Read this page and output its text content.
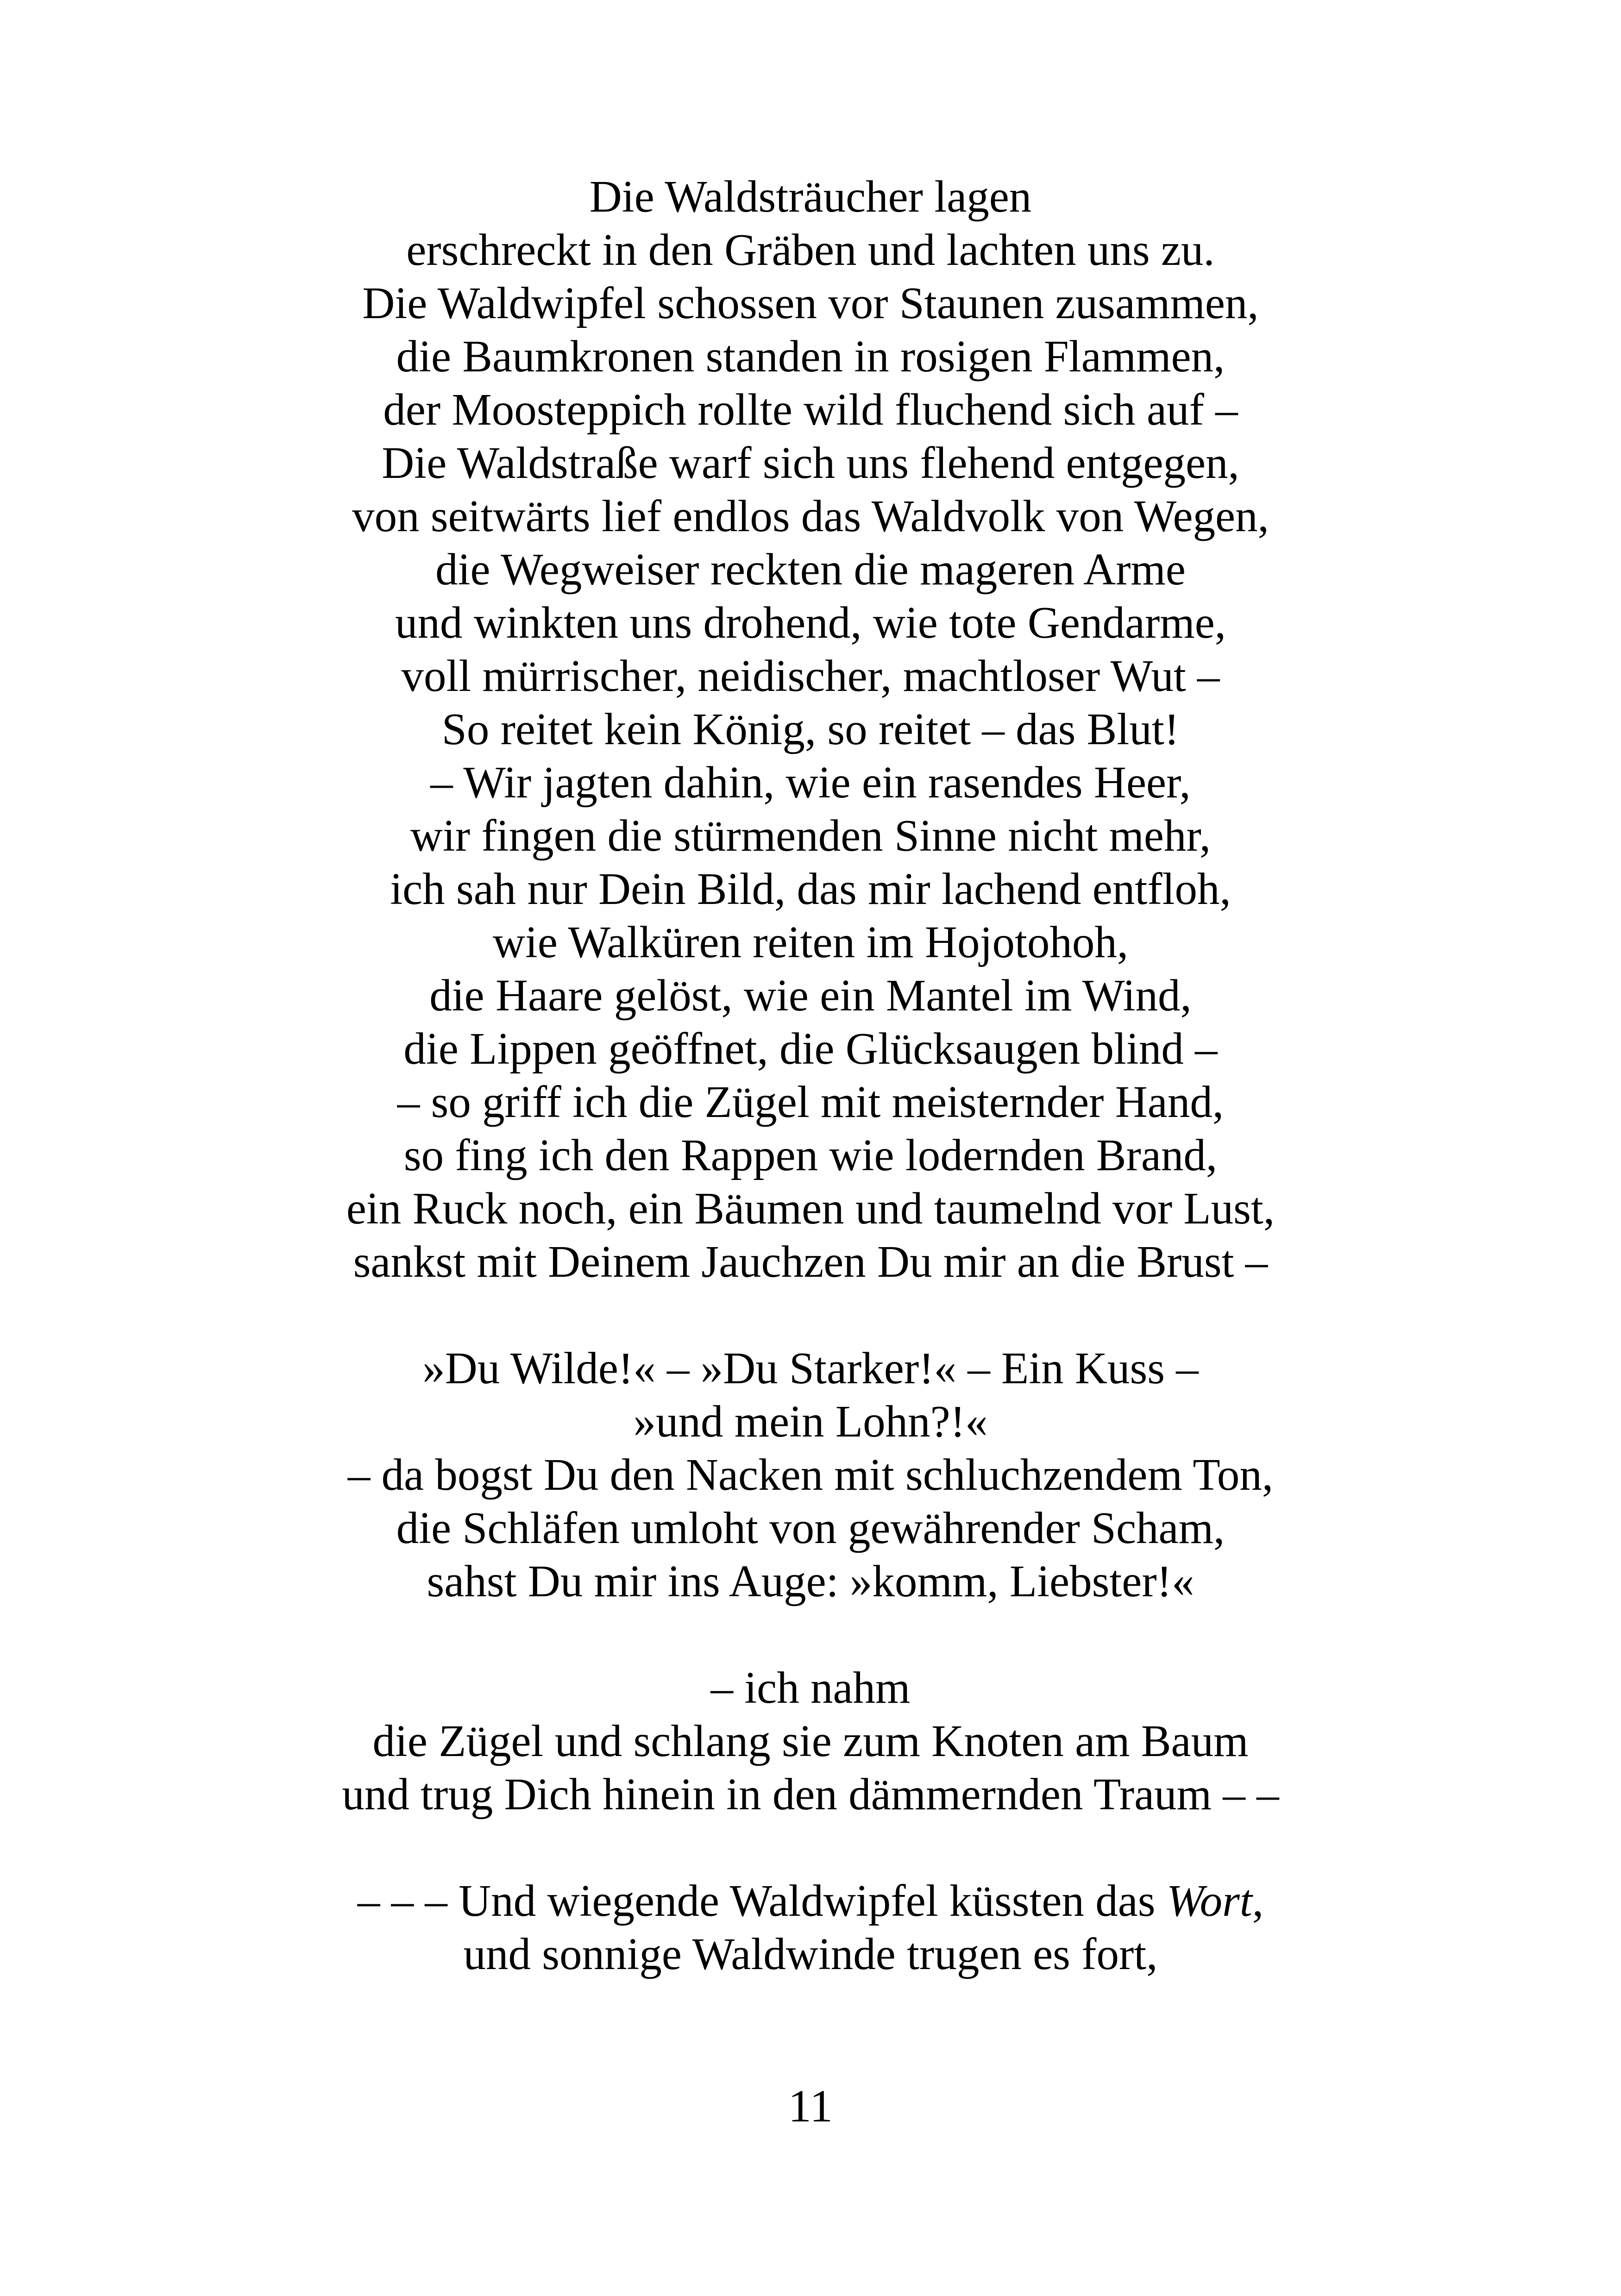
Die Waldsträucher lagen
erschreckt in den Gräben und lachten uns zu.
Die Waldwipfel schossen vor Staunen zusammen,
die Baumkronen standen in rosigen Flammen,
der Moosteppich rollte wild fluchend sich auf –
Die Waldstraße warf sich uns flehend entgegen,
von seitwärts lief endlos das Waldvolk von Wegen,
die Wegweiser reckten die mageren Arme
und winkten uns drohend, wie tote Gendarme,
voll mürrischer, neidischer, machtloser Wut –
So reitet kein König, so reitet – das Blut!
– Wir jagten dahin, wie ein rasendes Heer,
wir fingen die stürmenden Sinne nicht mehr,
ich sah nur Dein Bild, das mir lachend entfloh,
wie Walküren reiten im Hojotohoh,
die Haare gelöst, wie ein Mantel im Wind,
die Lippen geöffnet, die Glücksaugen blind –
– so griff ich die Zügel mit meisternder Hand,
so fing ich den Rappen wie lodernden Brand,
ein Ruck noch, ein Bäumen und taumelnd vor Lust,
sankst mit Deinem Jauchzen Du mir an die Brust –
»Du Wilde!« – »Du Starker!« – Ein Kuss –
»und mein Lohn?!«
– da bogst Du den Nacken mit schluchzendem Ton,
die Schläfen umloht von gewährender Scham,
sahst Du mir ins Auge: »komm, Liebster!«
– ich nahm
die Zügel und schlang sie zum Knoten am Baum
und trug Dich hinein in den dämmernden Traum – –
– – – Und wiegende Waldwipfel küssten das Wort,
und sonnige Waldwinde trugen es fort,
11
